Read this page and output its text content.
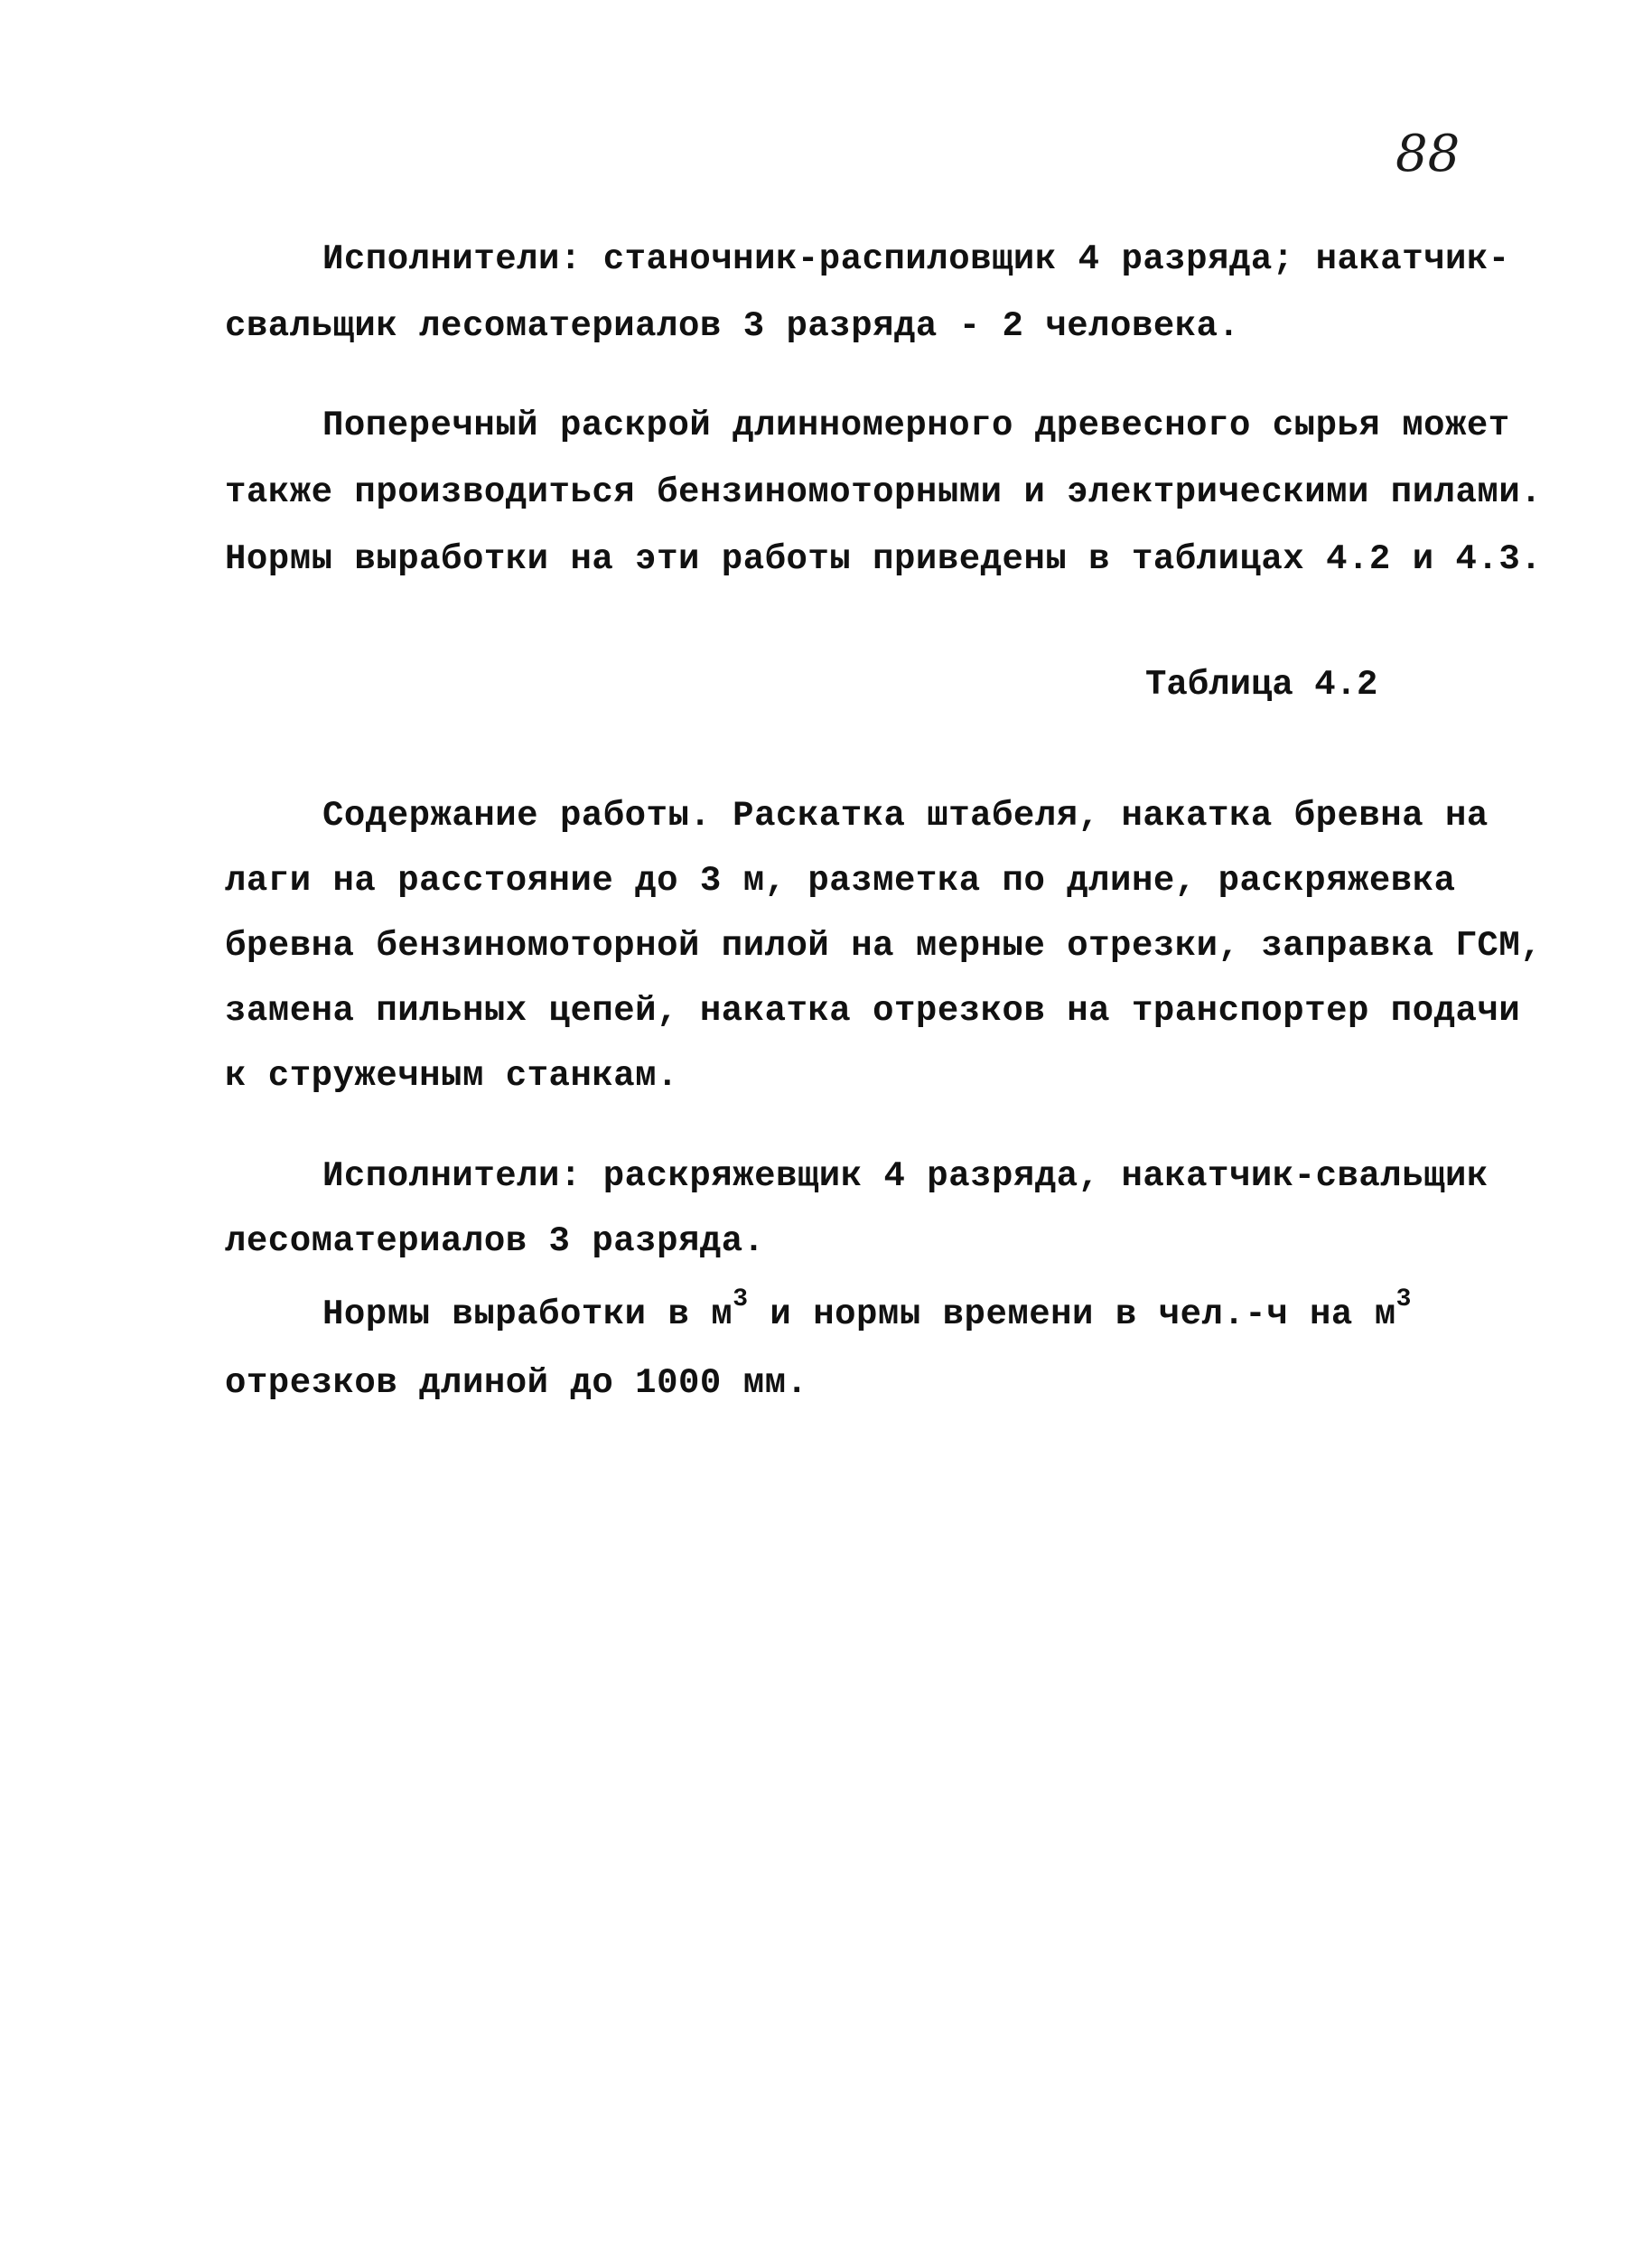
88
Исполнители: станочник-распиловщик 4 разряда; накатчик-
свальщик лесоматериалов 3 разряда - 2 человека.
Поперечный раскрой длинномерного древесного сырья может
также производиться бензиномоторными и электрическими пилами.
Нормы выработки на эти работы приведены в таблицах 4.2 и 4.3.
Таблица 4.2
Содержание работы. Раскатка штабеля, накатка бревна на
лаги на расстояние до 3 м, разметка по длине, раскряжевка
бревна бензиномоторной пилой на мерные отрезки, заправка ГСМ,
замена пильных цепей, накатка отрезков на транспортер подачи
к стружечным станкам.
Исполнители: раскряжевщик 4 разряда, накатчик-свальщик
лесоматериалов 3 разряда.
Нормы выработки в $м^3$ и нормы времени в чел.-ч на $м^3$
отрезков длиной до 1000 мм.
